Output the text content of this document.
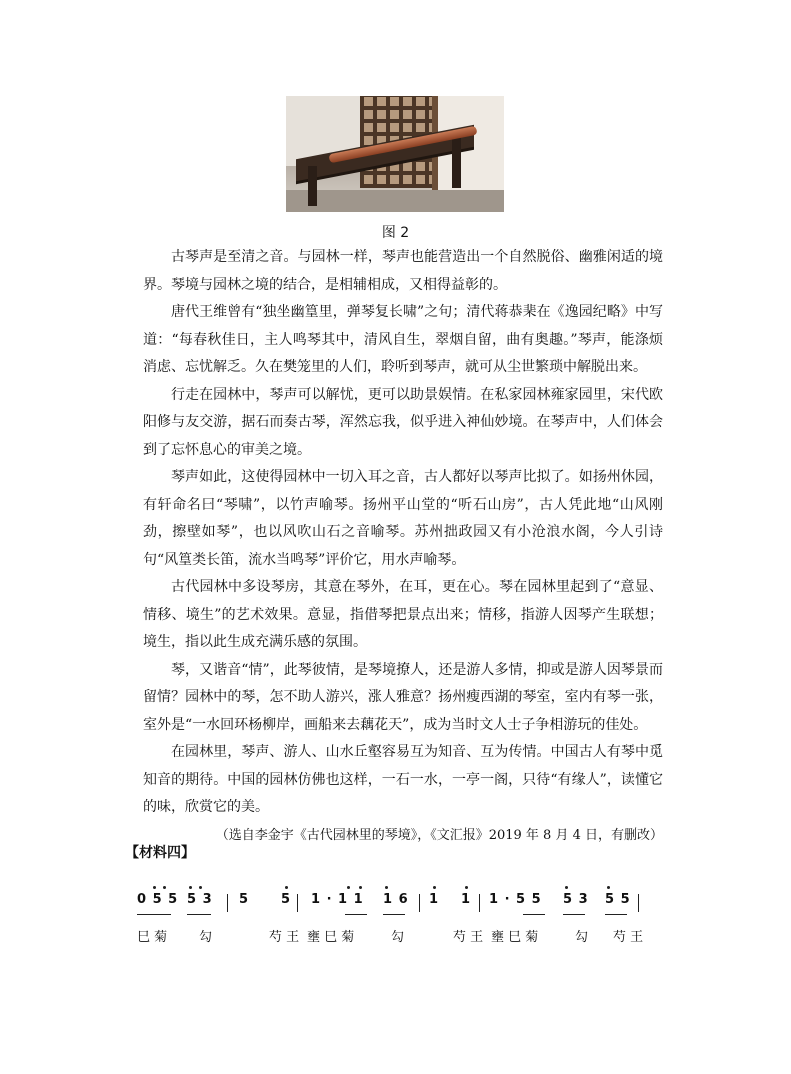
图 2

古琴声是至清之音。与园林一样，琴声也能营造出一个自然脱俗、幽雅闲适的境界。琴境与园林之境的结合，是相辅相成，又相得益彰的。

唐代王维曾有“独坐幽篁里，弹琴复长啸”之句；清代蒋恭棐在《逸园纪略》中写道：“每春秋佳日，主人鸣琴其中，清风自生，翠烟自留，曲有奥趣。”琴声，能涤烦消虑、忘忧解乏。久在樊笼里的人们，聆听到琴声，就可从尘世繁琐中解脱出来。

行走在园林中，琴声可以解忧，更可以助景娱情。在私家园林雍家园里，宋代欧阳修与友交游，据石而奏古琴，浑然忘我，似乎进入神仙妙境。在琴声中，人们体会到了忘怀息心的审美之境。

琴声如此，这使得园林中一切入耳之音，古人都好以琴声比拟了。如扬州休园，有轩命名曰“琴啸”，以竹声喻琴。扬州平山堂的“听石山房”，古人凭此地“山风刚劲，擦壁如琴”，也以风吹山石之音喻琴。苏州拙政园又有小沧浪水阁，今人引诗句“风篁类长笛，流水当鸣琴”评价它，用水声喻琴。

古代园林中多设琴房，其意在琴外，在耳，更在心。琴在园林里起到了“意显、情移、境生”的艺术效果。意显，指借琴把景点出来；情移，指游人因琴产生联想；境生，指以此生成充满乐感的氛围。

琴，又谐音“情”，此琴彼情，是琴境撩人，还是游人多情，抑或是游人因琴景而留情？园林中的琴，怎不助人游兴，涨人雅意？扬州瘦西湖的琴室，室内有琴一张，室外是“一水回环杨柳岸，画船来去藕花天”，成为当时文人士子争相游玩的佳处。

在园林里，琴声、游人、山水丘壑容易互为知音、互为传情。中国古人有琴中觅知音的期待。中国的园林仿佛也这样，一石一水，一亭一阁，只待“有缘人”，读懂它的味，欣赏它的美。

（选自李金宇《古代园林里的琴境》，《文汇报》2019 年 8 月 4 日，有删改）

【材料四】
0 5 5 5 3 5 5 1 · 1 1 1 6 1 1 1 · 5 5 5 3 5 5
巳 菊 勾	芍 王 壅 巳 菊	勾	芍 王 壅 巳 菊	勾 芍 王
